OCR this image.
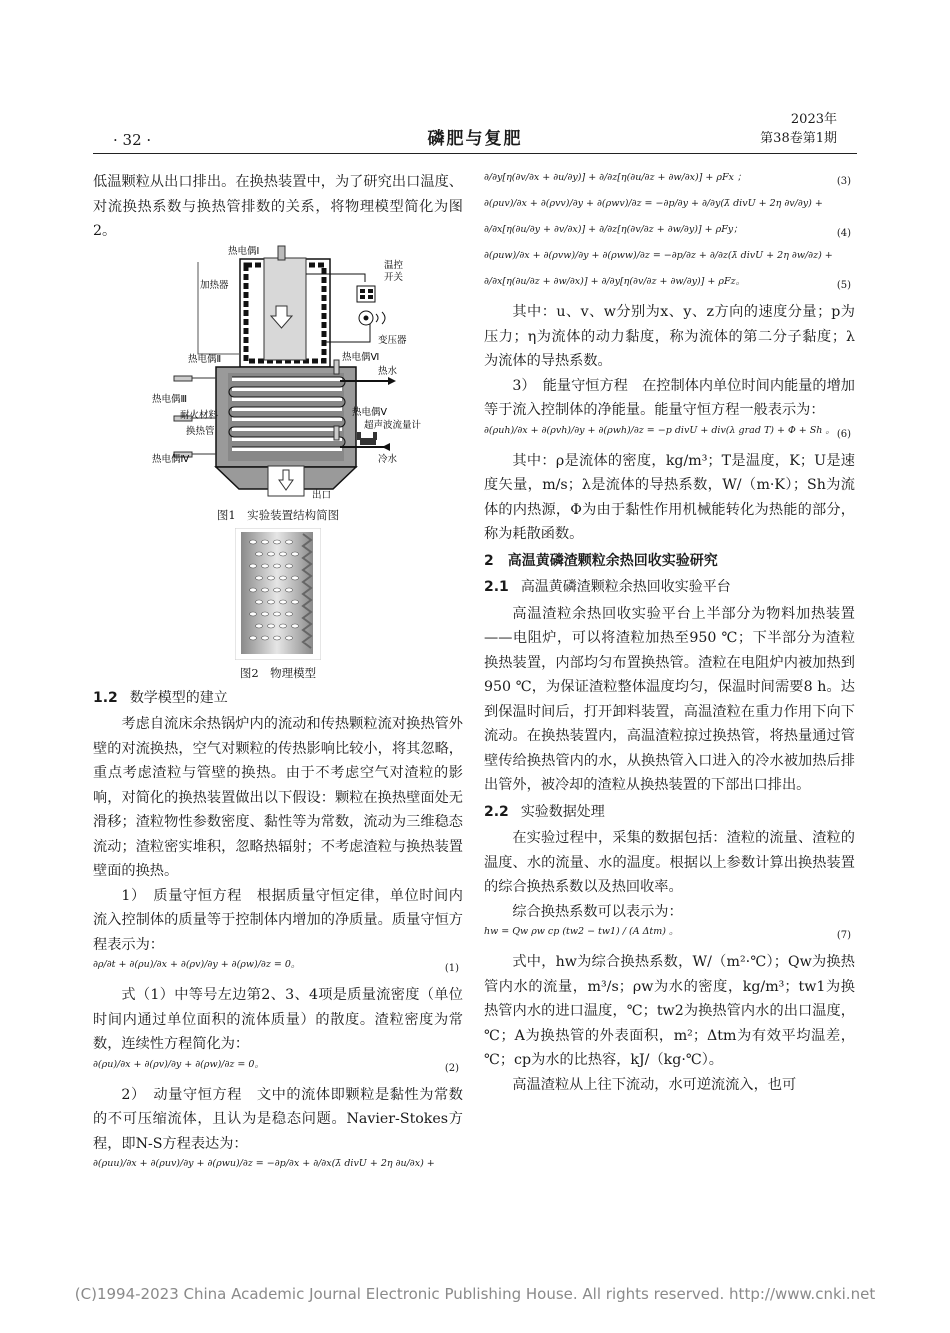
· 32 ·	磷肥与复肥
2023年
第38卷第1期

低温颗粒从出口排出。在换热装置中，为了研究出口温度、对流换热系数与换热管排数的关系，将物理模型简化为图2。

热电偶Ⅰ
加热器
温控
开关
变压器
热电偶Ⅱ	热电偶Ⅵ
热水
热电偶Ⅲ
耐火材料
换热管
热电偶Ⅴ
超声波流量计
冷水
热电偶Ⅳ
出口
图1　实验装置结构简图
图2　物理模型
1.2 数学模型的建立

考虑自流床余热锅炉内的流动和传热颗粒流对换热管外壁的对流换热，空气对颗粒的传热影响比较小，将其忽略，重点考虑渣粒与管壁的换热。由于不考虑空气对渣粒的影响，对简化的换热装置做出以下假设：颗粒在换热壁面处无滑移；渣粒物性参数密度、黏性等为常数，流动为三维稳态流动；渣粒密实堆积，忽略热辐射；不考虑渣粒与换热装置壁面的换热。

1）　质量守恒方程　根据质量守恒定律，单位时间内流入控制体的质量等于控制体内增加的净质量。质量守恒方程表示为：

∂ρ/∂t + ∂(ρu)/∂x + ∂(ρv)/∂y + ∂(ρw)/∂z = 0。	(1)

式（1）中等号左边第2、3、4项是质量流密度（单位时间内通过单位面积的流体质量）的散度。渣粒密度为常数，连续性方程简化为：

∂(ρu)/∂x + ∂(ρv)/∂y + ∂(ρw)/∂z = 0。	(2)

2）　动量守恒方程　文中的流体即颗粒是黏性为常数的不可压缩流体，且认为是稳态问题。Navier-Stokes方程，即N-S方程表达为：

∂(ρuu)/∂x + ∂(ρuv)/∂y + ∂(ρwu)/∂z = −∂p/∂x + ∂/∂x(λ̄ divU + 2η ∂u/∂x) +
∂/∂y[η(∂v/∂x + ∂u/∂y)] + ∂/∂z[η(∂u/∂z + ∂w/∂x)] + ρFx ；	(3)
∂(ρuv)/∂x + ∂(ρvv)/∂y + ∂(ρwv)/∂z = −∂p/∂y + ∂/∂y(λ̄ divU + 2η ∂v/∂y) +
∂/∂x[η(∂u/∂y + ∂v/∂x)] + ∂/∂z[η(∂v/∂z + ∂w/∂y)] + ρFy；	(4)
∂(ρuw)/∂x + ∂(ρvw)/∂y + ∂(ρww)/∂z = −∂p/∂z + ∂/∂z(λ̄ divU + 2η ∂w/∂z) +
∂/∂x[η(∂u/∂z + ∂w/∂x)] + ∂/∂y[η(∂v/∂z + ∂w/∂y)] + ρFz。	(5)

其中：u、v、w分别为x、y、z方向的速度分量；p为压力；η为流体的动力黏度，称为流体的第二分子黏度；λ为流体的导热系数。

3）　能量守恒方程　在控制体内单位时间内能量的增加等于流入控制体的净能量。能量守恒方程一般表示为：

∂(ρuh)/∂x + ∂(ρvh)/∂y + ∂(ρwh)/∂z = −p divU + div(λ grad T) + Φ + Sh 。 (6)

其中：ρ是流体的密度，kg/m³；T是温度，K；U是速度矢量，m/s；λ是流体的导热系数，W/（m·K）；Sh为流体的内热源，Φ为由于黏性作用机械能转化为热能的部分，称为耗散函数。

2　高温黄磷渣颗粒余热回收实验研究
2.1 高温黄磷渣颗粒余热回收实验平台

高温渣粒余热回收实验平台上半部分为物料加热装置——电阻炉，可以将渣粒加热至950 ℃；下半部分为渣粒换热装置，内部均匀布置换热管。渣粒在电阻炉内被加热到950 ℃，为保证渣粒整体温度均匀，保温时间需要8 h。达到保温时间后，打开卸料装置，高温渣粒在重力作用下向下流动。在换热装置内，高温渣粒掠过换热管，将热量通过管壁传给换热管内的水，从换热管入口进入的冷水被加热后排出管外，被冷却的渣粒从换热装置的下部出口排出。

2.2 实验数据处理

在实验过程中，采集的数据包括：渣粒的流量、渣粒的温度、水的流量、水的温度。根据以上参数计算出换热装置的综合换热系数以及热回收率。

综合换热系数可以表示为：

hw = Qw ρw cp (tw2 − tw1) / (A Δtm) 。	(7)

式中，hw为综合换热系数，W/（m²·℃）；Qw为换热管内水的流量，m³/s；ρw为水的密度，kg/m³；tw1为换热管内水的进口温度，℃；tw2为换热管内水的出口温度，℃；A为换热管的外表面积，m²；Δtm为有效平均温差，℃；cp为水的比热容，kJ/（kg·℃）。

高温渣粒从上往下流动，水可逆流流入，也可

(C)1994-2023 China Academic Journal Electronic Publishing House. All rights reserved. http://www.cnki.net
